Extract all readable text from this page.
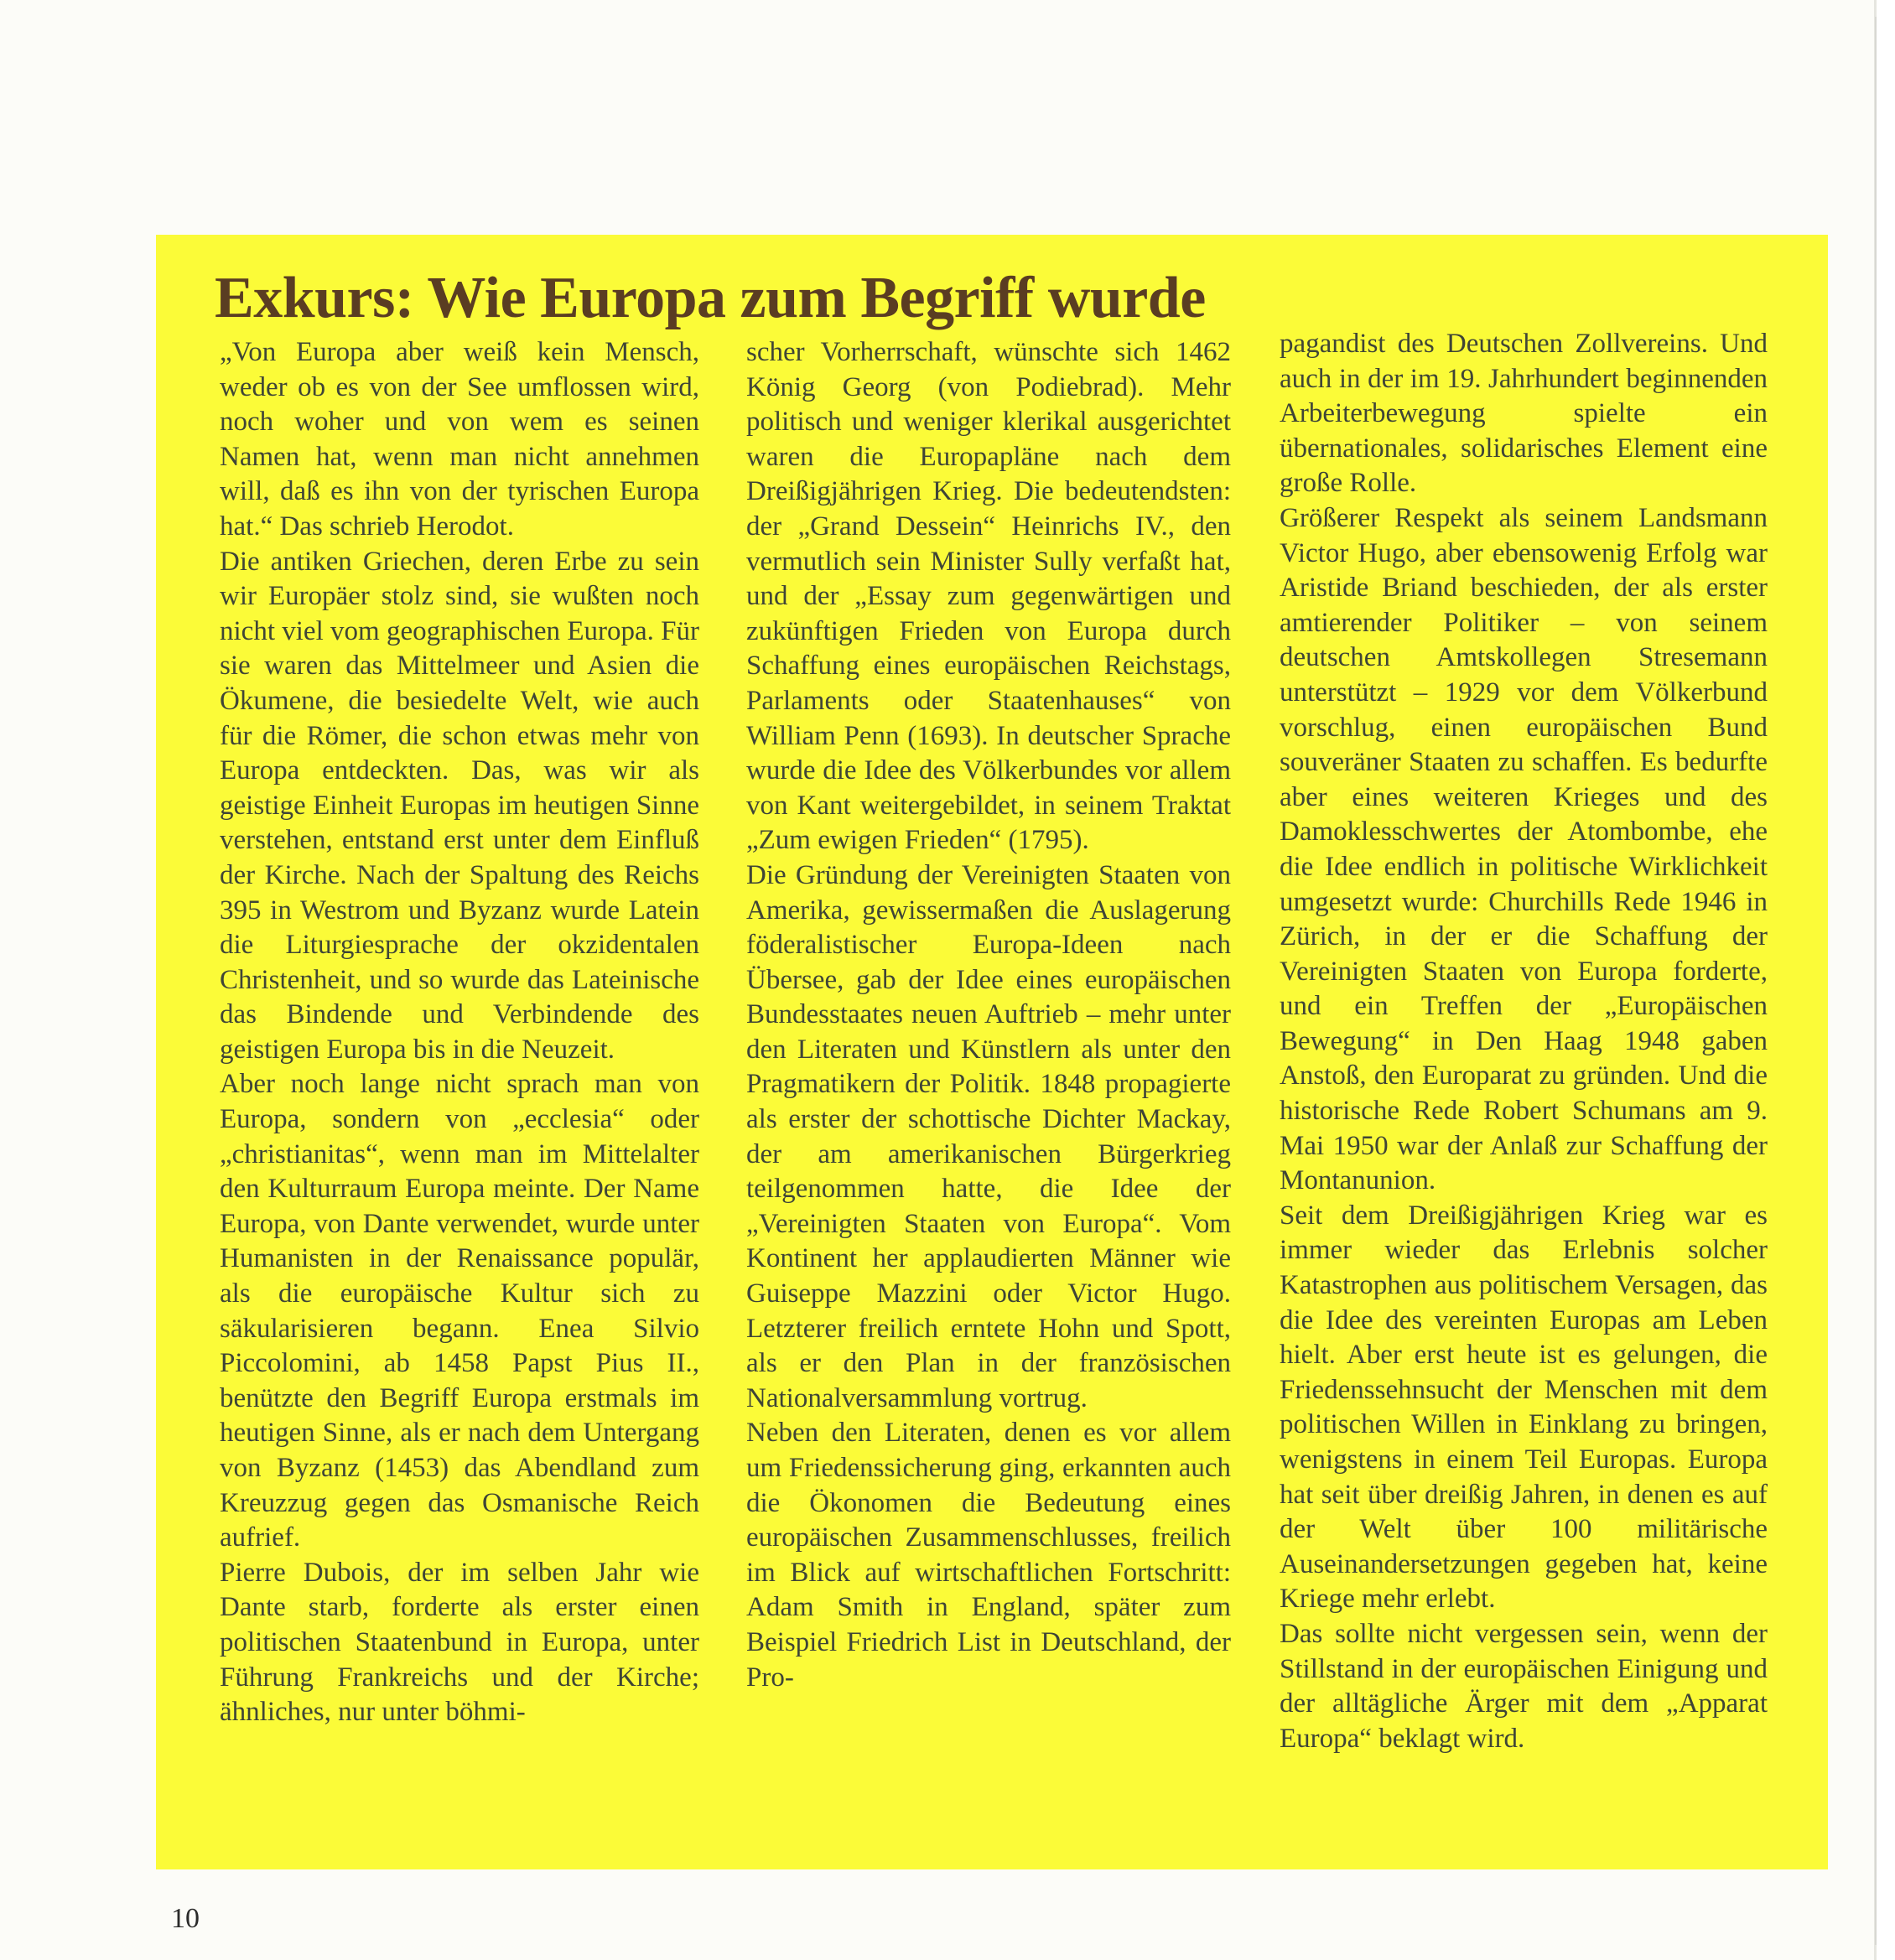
Exkurs: Wie Europa zum Begriff wurde

„Von Europa aber weiß kein Mensch, weder ob es von der See umflossen wird, noch woher und von wem es seinen Namen hat, wenn man nicht annehmen will, daß es ihn von der tyrischen Europa hat.“ Das schrieb Herodot.

Die antiken Griechen, deren Erbe zu sein wir Europäer stolz sind, sie wußten noch nicht viel vom geographischen Europa. Für sie waren das Mittelmeer und Asien die Ökumene, die besiedelte Welt, wie auch für die Römer, die schon etwas mehr von Europa entdeckten. Das, was wir als geistige Einheit Europas im heutigen Sinne verstehen, entstand erst unter dem Einfluß der Kirche. Nach der Spaltung des Reichs 395 in Westrom und Byzanz wurde Latein die Liturgiesprache der okzidentalen Christenheit, und so wurde das Lateinische das Bindende und Verbindende des geistigen Europa bis in die Neuzeit.

Aber noch lange nicht sprach man von Europa, sondern von „ecclesia“ oder „christianitas“, wenn man im Mittelalter den Kulturraum Europa meinte. Der Name Europa, von Dante verwendet, wurde unter Humanisten in der Renaissance populär, als die europäische Kultur sich zu säkularisieren begann. Enea Silvio Piccolomini, ab 1458 Papst Pius II., benützte den Begriff Europa erstmals im heutigen Sinne, als er nach dem Untergang von Byzanz (1453) das Abendland zum Kreuzzug gegen das Osmanische Reich aufrief.

Pierre Dubois, der im selben Jahr wie Dante starb, forderte als erster einen politischen Staatenbund in Europa, unter Führung Frankreichs und der Kirche; ähnliches, nur unter böhmi-

scher Vorherrschaft, wünschte sich 1462 König Georg (von Podiebrad). Mehr politisch und weniger klerikal ausgerichtet waren die Europapläne nach dem Dreißigjährigen Krieg. Die bedeutendsten: der „Grand Dessein“ Heinrichs IV., den vermutlich sein Minister Sully verfaßt hat, und der „Essay zum gegenwärtigen und zukünftigen Frieden von Europa durch Schaffung eines europäischen Reichstags, Parlaments oder Staatenhauses“ von William Penn (1693). In deutscher Sprache wurde die Idee des Völkerbundes vor allem von Kant weitergebildet, in seinem Traktat „Zum ewigen Frieden“ (1795).

Die Gründung der Vereinigten Staaten von Amerika, gewissermaßen die Auslagerung föderalistischer Europa-Ideen nach Übersee, gab der Idee eines europäischen Bundesstaates neuen Auftrieb – mehr unter den Literaten und Künstlern als unter den Pragmatikern der Politik. 1848 propagierte als erster der schottische Dichter Mackay, der am amerikanischen Bürgerkrieg teilgenommen hatte, die Idee der „Vereinigten Staaten von Europa“. Vom Kontinent her applaudierten Männer wie Guiseppe Mazzini oder Victor Hugo. Letzterer freilich erntete Hohn und Spott, als er den Plan in der französischen Nationalversammlung vortrug.

Neben den Literaten, denen es vor allem um Friedenssicherung ging, erkannten auch die Ökonomen die Bedeutung eines europäischen Zusammenschlusses, freilich im Blick auf wirtschaftlichen Fortschritt: Adam Smith in England, später zum Beispiel Friedrich List in Deutschland, der Pro-

pagandist des Deutschen Zollvereins. Und auch in der im 19. Jahrhundert beginnenden Arbeiterbewegung spielte ein übernationales, solidarisches Element eine große Rolle.

Größerer Respekt als seinem Landsmann Victor Hugo, aber ebensowenig Erfolg war Aristide Briand beschieden, der als erster amtierender Politiker – von seinem deutschen Amtskollegen Stresemann unterstützt – 1929 vor dem Völkerbund vorschlug, einen europäischen Bund souveräner Staaten zu schaffen. Es bedurfte aber eines weiteren Krieges und des Damoklesschwertes der Atombombe, ehe die Idee endlich in politische Wirklichkeit umgesetzt wurde: Churchills Rede 1946 in Zürich, in der er die Schaffung der Vereinigten Staaten von Europa forderte, und ein Treffen der „Europäischen Bewegung“ in Den Haag 1948 gaben Anstoß, den Europarat zu gründen. Und die historische Rede Robert Schumans am 9. Mai 1950 war der Anlaß zur Schaffung der Montanunion.

Seit dem Dreißigjährigen Krieg war es immer wieder das Erlebnis solcher Katastrophen aus politischem Versagen, das die Idee des vereinten Europas am Leben hielt. Aber erst heute ist es gelungen, die Friedenssehnsucht der Menschen mit dem politischen Willen in Einklang zu bringen, wenigstens in einem Teil Europas. Europa hat seit über dreißig Jahren, in denen es auf der Welt über 100 militärische Auseinandersetzungen gegeben hat, keine Kriege mehr erlebt.

Das sollte nicht vergessen sein, wenn der Stillstand in der europäischen Einigung und der alltägliche Ärger mit dem „Apparat Europa“ beklagt wird.

10
